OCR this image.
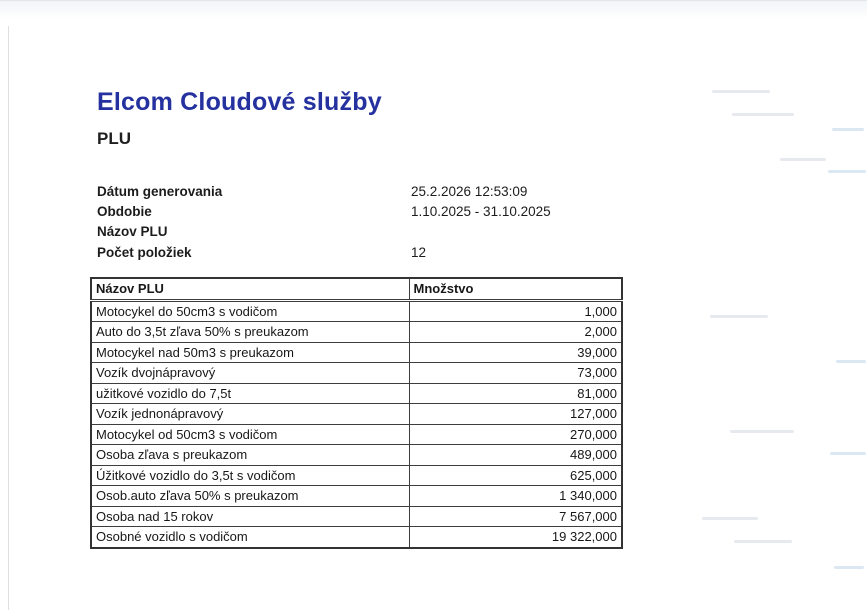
Elcom Cloudové služby
PLU
Dátum generovania	25.2.2026 12:53:09
Obdobie	1.10.2025 - 31.10.2025
Názov PLU
Počet položiek	12
Názov PLU	Množstvo
Motocykel do 50cm3 s vodičom	1,000
Auto do 3,5t zľava 50% s preukazom	2,000
Motocykel nad 50m3 s preukazom	39,000
Vozík dvojnápravový	73,000
užitkové vozidlo do 7,5t	81,000
Vozík jednonápravový	127,000
Motocykel od 50cm3 s vodičom	270,000
Osoba zľava s preukazom	489,000
Úžitkové vozidlo do 3,5t s vodičom	625,000
Osob.auto zľava 50% s preukazom	1 340,000
Osoba nad 15 rokov	7 567,000
Osobné vozidlo s vodičom	19 322,000
